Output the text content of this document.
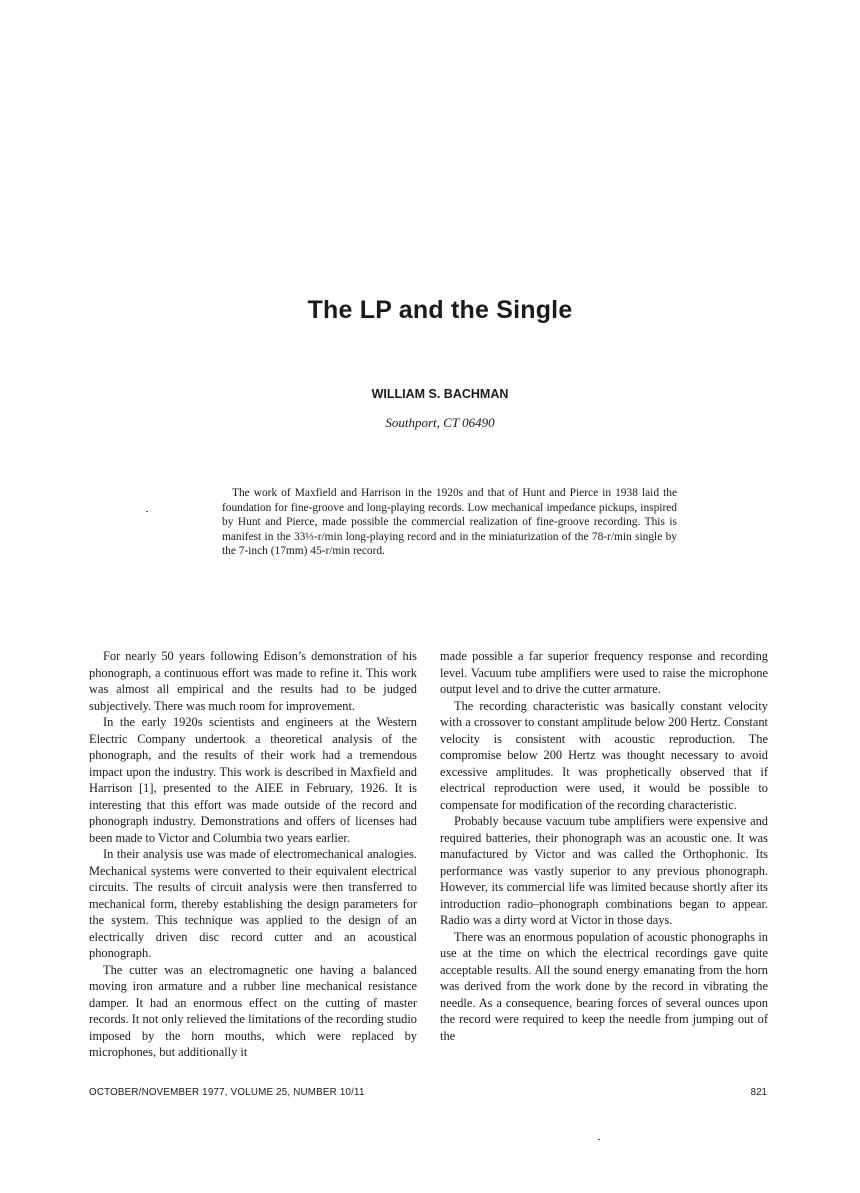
The LP and the Single
WILLIAM S. BACHMAN
Southport, CT 06490

The work of Maxfield and Harrison in the 1920s and that of Hunt and Pierce in 1938 laid the foundation for fine-groove and long-playing records. Low mechanical impedance pickups, inspired by Hunt and Pierce, made possible the commercial realization of fine-groove recording. This is manifest in the 33⅓-r/min long-playing record and in the miniaturization of the 78-r/min single by the 7-inch (17mm) 45-r/min record.

For nearly 50 years following Edison’s demonstration of his phonograph, a continuous effort was made to refine it. This work was almost all empirical and the results had to be judged subjectively. There was much room for improvement.

In the early 1920s scientists and engineers at the Western Electric Company undertook a theoretical analysis of the phonograph, and the results of their work had a tremendous impact upon the industry. This work is described in Maxfield and Harrison [1], presented to the AIEE in February, 1926. It is interesting that this effort was made outside of the record and phonograph industry. Demonstrations and offers of licenses had been made to Victor and Columbia two years earlier.

In their analysis use was made of electromechanical analogies. Mechanical systems were converted to their equivalent electrical circuits. The results of circuit analysis were then transferred to mechanical form, thereby establishing the design parameters for the system. This technique was applied to the design of an electrically driven disc record cutter and an acoustical phonograph.

The cutter was an electromagnetic one having a balanced moving iron armature and a rubber line mechanical resistance damper. It had an enormous effect on the cutting of master records. It not only relieved the limitations of the recording studio imposed by the horn mouths, which were replaced by microphones, but additionally it

made possible a far superior frequency response and recording level. Vacuum tube amplifiers were used to raise the microphone output level and to drive the cutter armature.

The recording characteristic was basically constant velocity with a crossover to constant amplitude below 200 Hertz. Constant velocity is consistent with acoustic reproduction. The compromise below 200 Hertz was thought necessary to avoid excessive amplitudes. It was prophetically observed that if electrical reproduction were used, it would be possible to compensate for modification of the recording characteristic.

Probably because vacuum tube amplifiers were expensive and required batteries, their phonograph was an acoustic one. It was manufactured by Victor and was called the Orthophonic. Its performance was vastly superior to any previous phonograph. However, its commercial life was limited because shortly after its introduction radio–phonograph combinations began to appear. Radio was a dirty word at Victor in those days.

There was an enormous population of acoustic phonographs in use at the time on which the electrical recordings gave quite acceptable results. All the sound energy emanating from the horn was derived from the work done by the record in vibrating the needle. As a consequence, bearing forces of several ounces upon the record were required to keep the needle from jumping out of the

OCTOBER/NOVEMBER 1977, VOLUME 25, NUMBER 10/11	821
